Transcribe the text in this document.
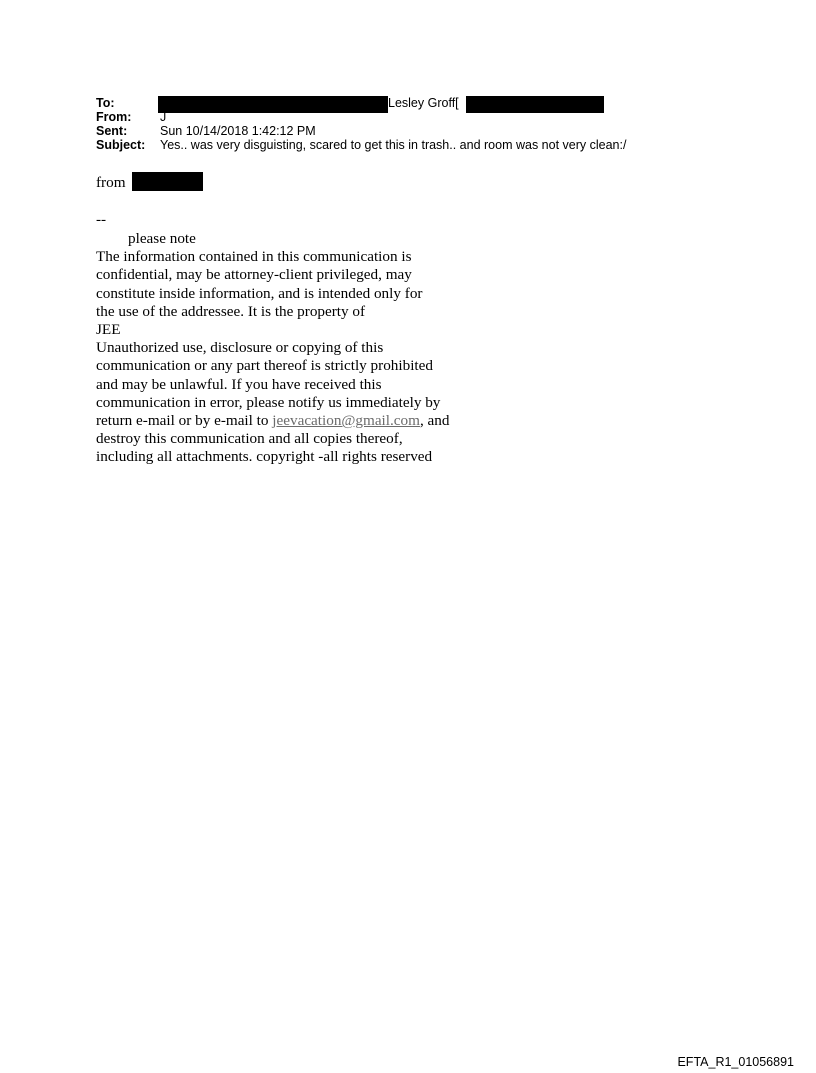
To:	Lesley Groff[
From: J
Sent:	Sun 10/14/2018 1:42:12 PM
Subject: Yes.. was very disguisting, scared to get this in trash.. and room was not very clean:/
from
--
please note
The information contained in this communication is
confidential, may be attorney-client privileged, may
constitute inside information, and is intended only for
the use of the addressee. It is the property of
JEE
Unauthorized use, disclosure or copying of this
communication or any part thereof is strictly prohibited
and may be unlawful. If you have received this
communication in error, please notify us immediately by
return e-mail or by e-mail to jeevacation@gmail.com, and
destroy this communication and all copies thereof,
including all attachments. copyright -all rights reserved
EFTA_R1_01056891
